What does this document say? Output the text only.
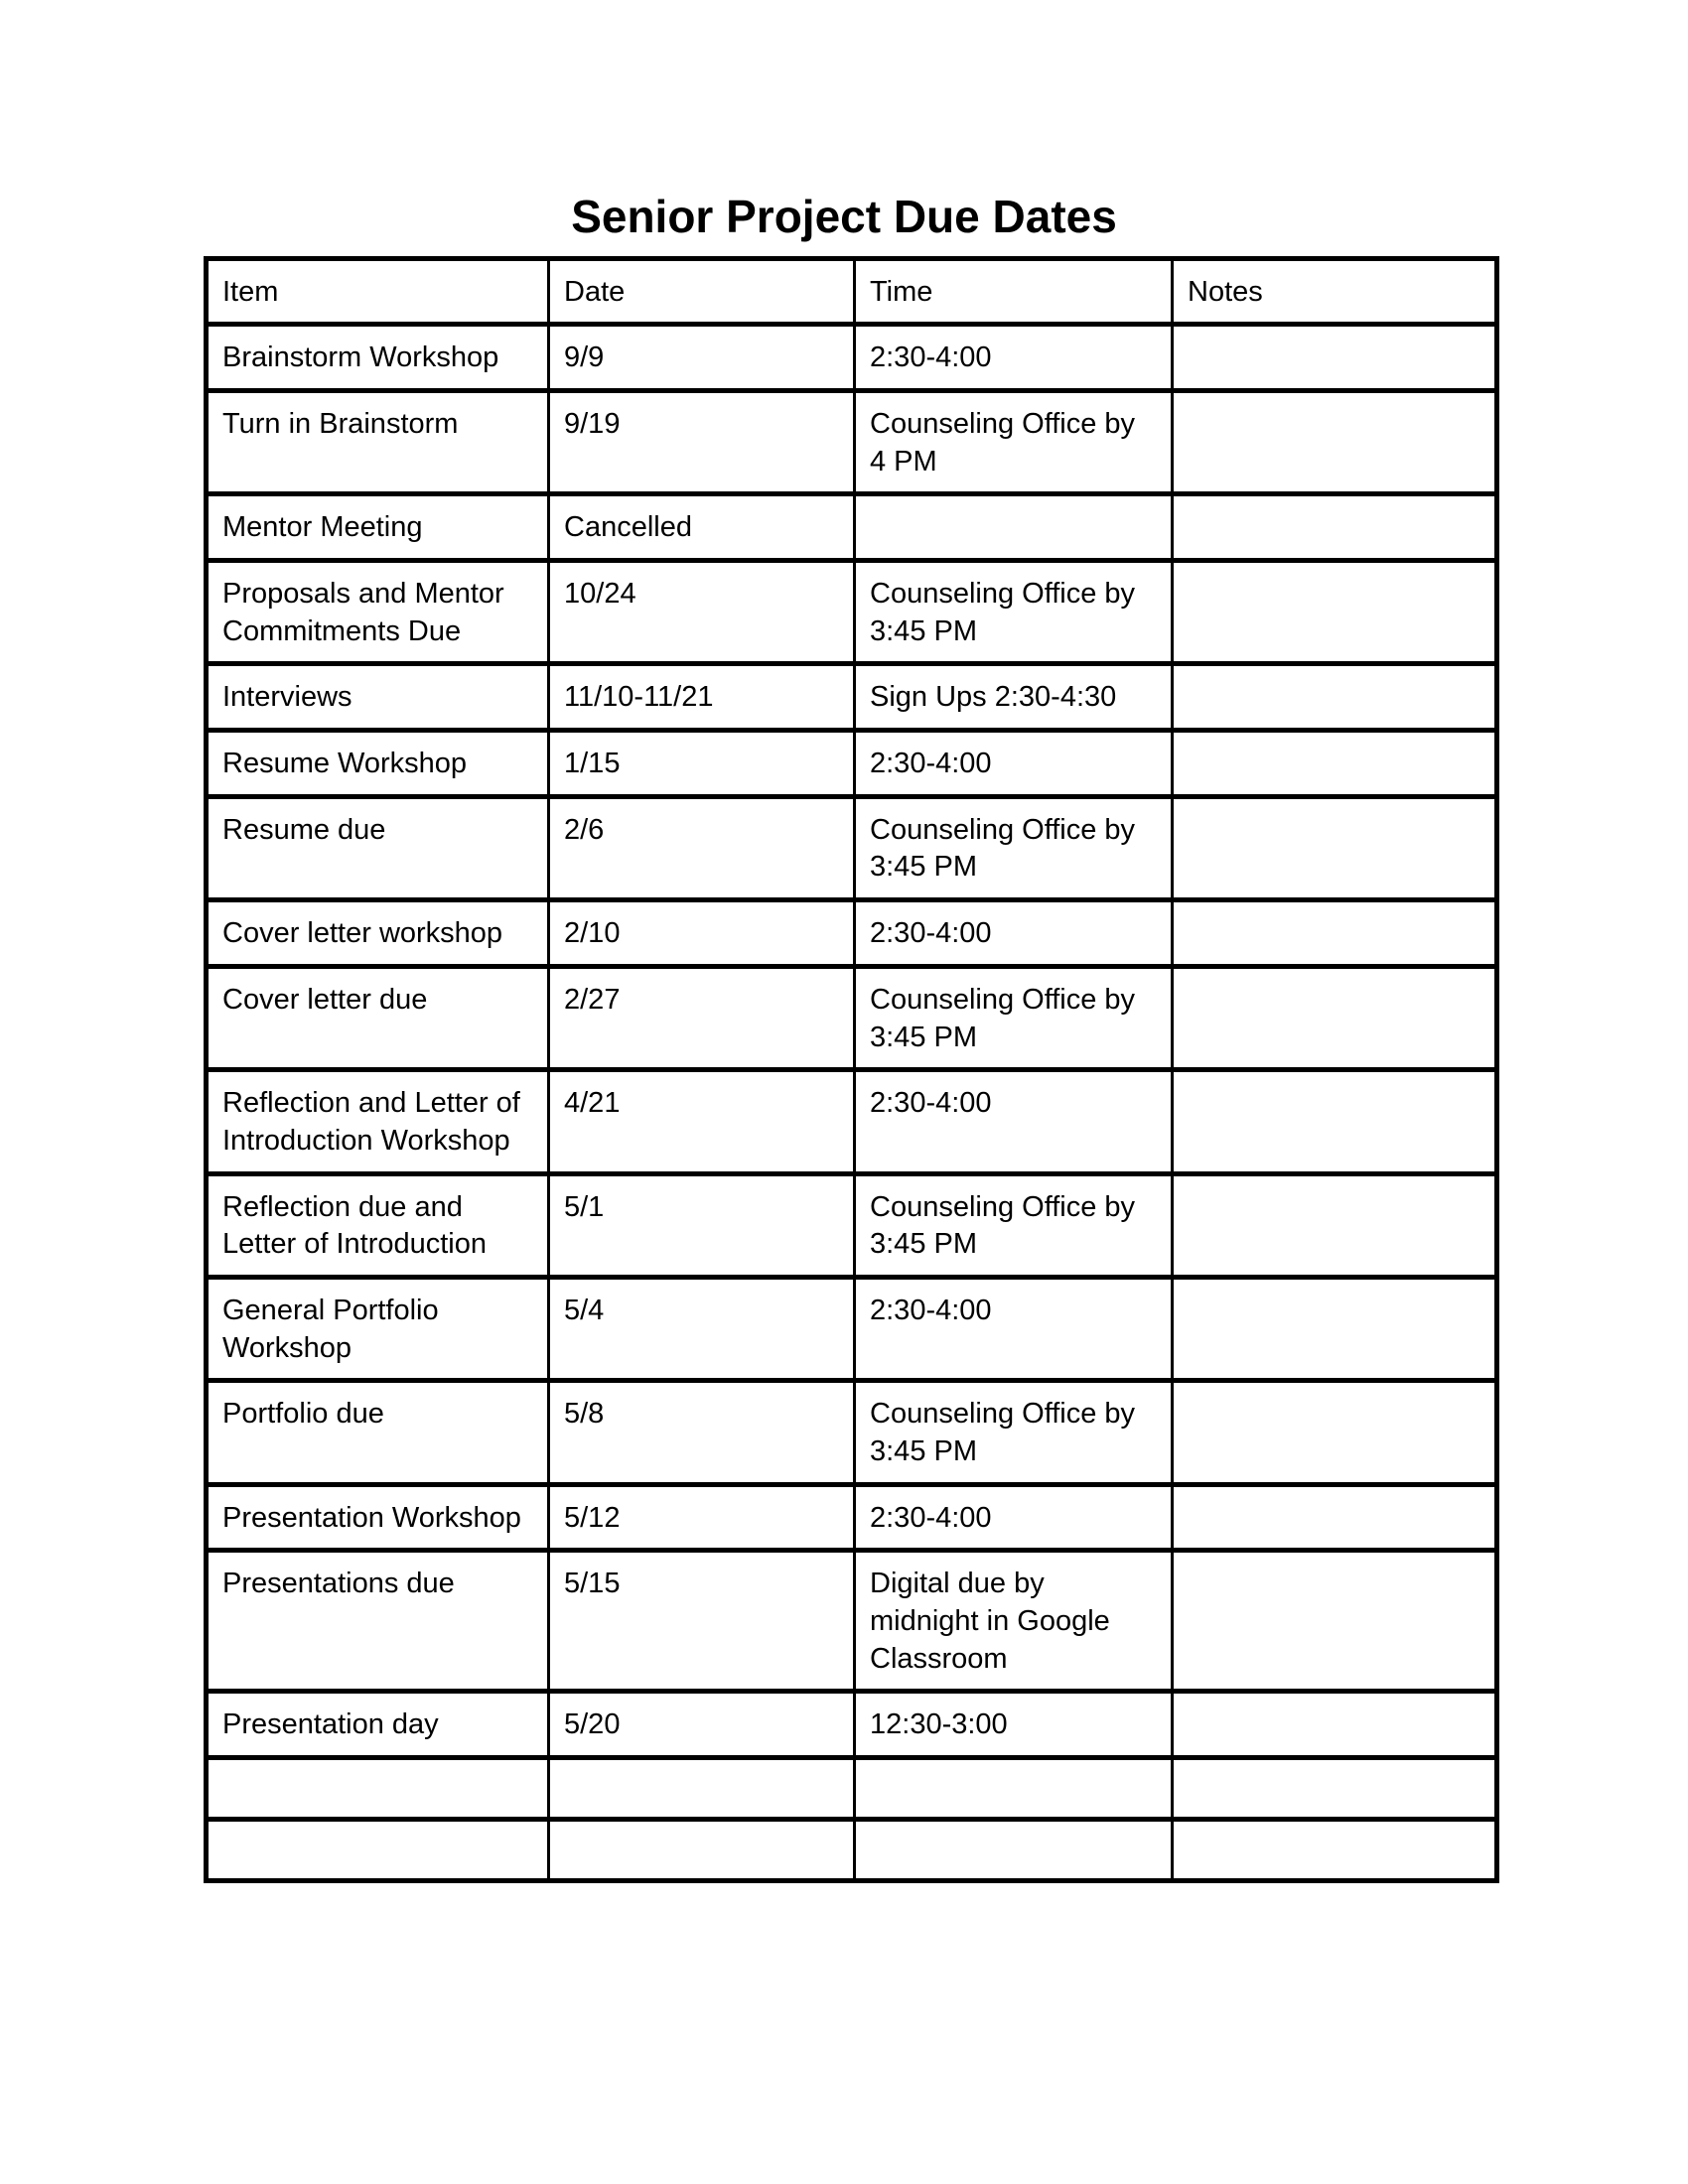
Senior Project Due Dates
Item	Date	Time	Notes
Brainstorm Workshop	9/9	2:30-4:00	
Turn in Brainstorm	9/19	Counseling Office by 4 PM	
Mentor Meeting	Cancelled		
Proposals and Mentor Commitments Due	10/24	Counseling Office by 3:45 PM	
Interviews	11/10-11/21	Sign Ups 2:30-4:30	
Resume Workshop	1/15	2:30-4:00	
Resume due	2/6	Counseling Office by 3:45 PM	
Cover letter workshop	2/10	2:30-4:00	
Cover letter due	2/27	Counseling Office by 3:45 PM	
Reflection and Letter of Introduction Workshop	4/21	2:30-4:00	
Reflection due and Letter of Introduction	5/1	Counseling Office by 3:45 PM	
General Portfolio Workshop	5/4	2:30-4:00	
Portfolio due	5/8	Counseling Office by 3:45 PM	
Presentation Workshop	5/12	2:30-4:00	
Presentations due	5/15	Digital due by midnight in Google Classroom	
Presentation day	5/20	12:30-3:00	
